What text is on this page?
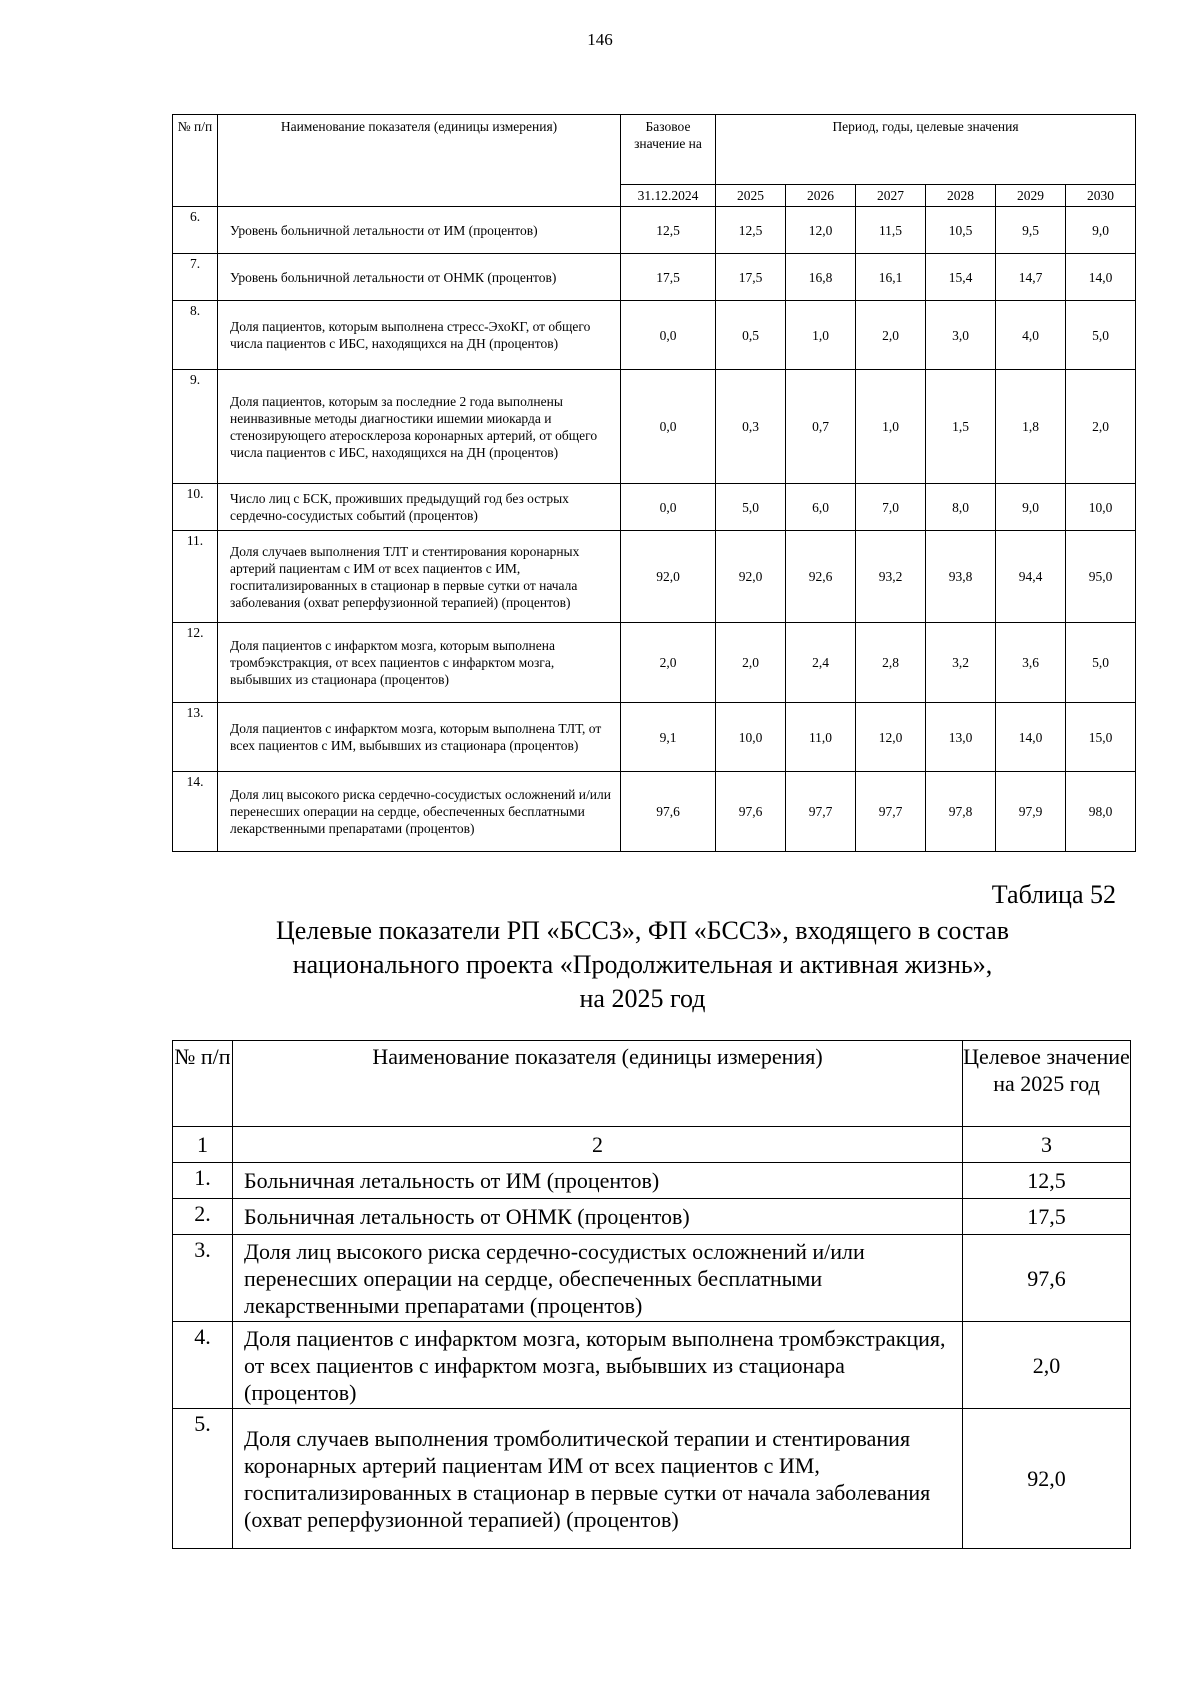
146
№ п/п	Наименование показателя (единицы измерения)	Базовое значение на	Период, годы, целевые значения					
		31.12.2024	2025	2026	2027	2028	2029	2030
6.	Уровень больничной летальности от ИМ (процентов)	12,5	12,5	12,0	11,5	10,5	9,5	9,0
7.	Уровень больничной летальности от ОНМК (процентов)	17,5	17,5	16,8	16,1	15,4	14,7	14,0
8.	Доля пациентов, которым выполнена стресс-ЭхоКГ, от общего числа пациентов с ИБС, находящихся на ДН (процентов)	0,0	0,5	1,0	2,0	3,0	4,0	5,0
9.	Доля пациентов, которым за последние 2 года выполнены неинвазивные методы диагностики ишемии миокарда и стенозирующего атеросклероза коронарных артерий, от общего числа пациентов с ИБС, находящихся на ДН (процентов)	0,0	0,3	0,7	1,0	1,5	1,8	2,0
10.	Число лиц с БСК, проживших предыдущий год без острых сердечно-сосудистых событий (процентов)	0,0	5,0	6,0	7,0	8,0	9,0	10,0
11.	Доля случаев выполнения ТЛТ и стентирования коронарных артерий пациентам с ИМ от всех пациентов с ИМ, госпитализированных в стационар в первые сутки от начала заболевания (охват реперфузионной терапией) (процентов)	92,0	92,0	92,6	93,2	93,8	94,4	95,0
12.	Доля пациентов с инфарктом мозга, которым выполнена тромбэкстракция, от всех пациентов с инфарктом мозга, выбывших из стационара (процентов)	2,0	2,0	2,4	2,8	3,2	3,6	5,0
13.	Доля пациентов с инфарктом мозга, которым выполнена ТЛТ, от всех пациентов с ИМ, выбывших из стационара (процентов)	9,1	10,0	11,0	12,0	13,0	14,0	15,0
14.	Доля лиц высокого риска сердечно-сосудистых осложнений и/или перенесших операции на сердце, обеспеченных бесплатными лекарственными препаратами (процентов)	97,6	97,6	97,7	97,7	97,8	97,9	98,0
Таблица 52
Целевые показатели РП «БССЗ», ФП «БССЗ», входящего в состав
национального проекта «Продолжительная и активная жизнь»,
на 2025 год
№ п/п	Наименование показателя (единицы измерения)	Целевое значение на 2025 год
1	2	3
1.	Больничная летальность от ИМ (процентов)	12,5
2.	Больничная летальность от ОНМК (процентов)	17,5
3.	Доля лиц высокого риска сердечно-сосудистых осложнений и/или перенесших операции на сердце, обеспеченных бесплатными лекарственными препаратами (процентов)	97,6
4.	Доля пациентов с инфарктом мозга, которым выполнена тромбэкстракция, от всех пациентов с инфарктом мозга, выбывших из стационара (процентов)	2,0
5.	Доля случаев выполнения тромболитической терапии и стентирования коронарных артерий пациентам ИМ от всех пациентов с ИМ, госпитализированных в стационар в первые сутки от начала заболевания (охват реперфузионной терапией) (процентов)	92,0
